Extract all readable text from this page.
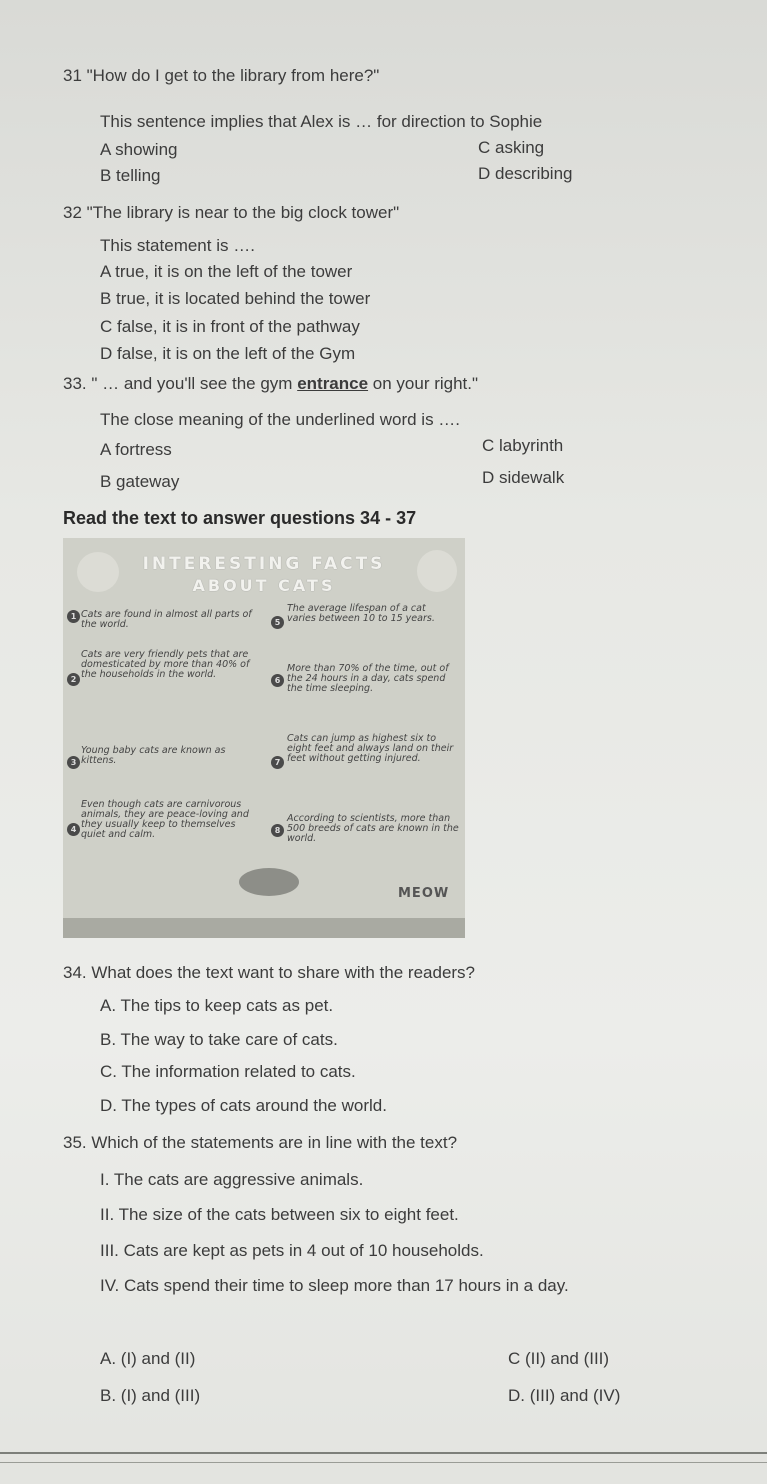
31 "How do I get to the library from here?"
This sentence implies that Alex is … for direction to Sophie
A showing	C asking
B telling	D describing
32 "The library is near to the big clock tower"
This statement is ….
A true, it is on the left of the tower
B true, it is located behind the tower
C false, it is in front of the pathway
D false, it is on the left of the Gym
33. " … and you'll see the gym entrance on your right."
The close meaning of the underlined word is ….
A fortress	C labyrinth
B gateway	D sidewalk
Read the text to answer questions 34 - 37
INTERESTING FACTS
ABOUT CATS
1 Cats are found in almost all parts of the world.
2
Cats are very friendly pets that are domesticated by more than 40% of the households in the world.
3
Young baby cats are known as kittens.
4
Even though cats are carnivorous animals, they are peace-loving and they usually keep to themselves quiet and calm.
5
The average lifespan of a cat varies between 10 to 15 years.
6
More than 70% of the time, out of the 24 hours in a day, cats spend the time sleeping.
7
Cats can jump as highest six to eight feet and always land on their feet without getting injured.
8
According to scientists, more than 500 breeds of cats are known in the world.
MEOW
34. What does the text want to share with the readers?
A. The tips to keep cats as pet.
B. The way to take care of cats.
C. The information related to cats.
D. The types of cats around the world.
35. Which of the statements are in line with the text?
I. The cats are aggressive animals.
II. The size of the cats between six to eight feet.
III. Cats are kept as pets in 4 out of 10 households.
IV. Cats spend their time to sleep more than 17 hours in a day.
A. (I) and (II)	C (II) and (III)
B. (I) and (III)	D. (III) and (IV)
